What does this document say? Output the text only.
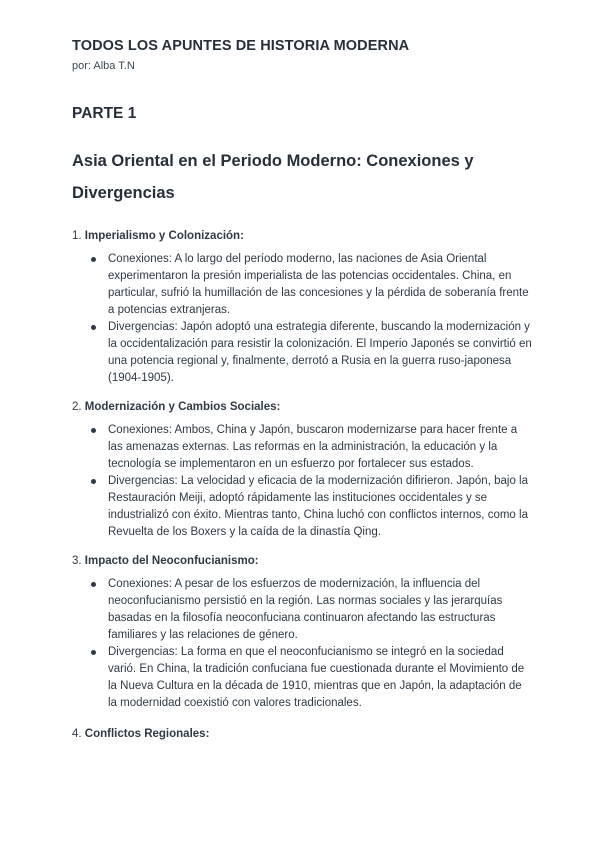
TODOS LOS APUNTES DE HISTORIA MODERNA
por: Alba T.N
PARTE 1
Asia Oriental en el Periodo Moderno: Conexiones y Divergencias
1. Imperialismo y Colonización:
Conexiones: A lo largo del período moderno, las naciones de Asia Oriental experimentaron la presión imperialista de las potencias occidentales. China, en particular, sufrió la humillación de las concesiones y la pérdida de soberanía frente a potencias extranjeras.
Divergencias: Japón adoptó una estrategia diferente, buscando la modernización y la occidentalización para resistir la colonización. El Imperio Japonés se convirtió en una potencia regional y, finalmente, derrotó a Rusia en la guerra ruso-japonesa (1904-1905).
2. Modernización y Cambios Sociales:
Conexiones: Ambos, China y Japón, buscaron modernizarse para hacer frente a las amenazas externas. Las reformas en la administración, la educación y la tecnología se implementaron en un esfuerzo por fortalecer sus estados.
Divergencias: La velocidad y eficacia de la modernización difirieron. Japón, bajo la Restauración Meiji, adoptó rápidamente las instituciones occidentales y se industrializó con éxito. Mientras tanto, China luchó con conflictos internos, como la Revuelta de los Boxers y la caída de la dinastía Qing.
3. Impacto del Neoconfucianismo:
Conexiones: A pesar de los esfuerzos de modernización, la influencia del neoconfucianismo persistió en la región. Las normas sociales y las jerarquías basadas en la filosofía neoconfuciana continuaron afectando las estructuras familiares y las relaciones de género.
Divergencias: La forma en que el neoconfucianismo se integró en la sociedad varió. En China, la tradición confuciana fue cuestionada durante el Movimiento de la Nueva Cultura en la década de 1910, mientras que en Japón, la adaptación de la modernidad coexistió con valores tradicionales.
4. Conflictos Regionales:
